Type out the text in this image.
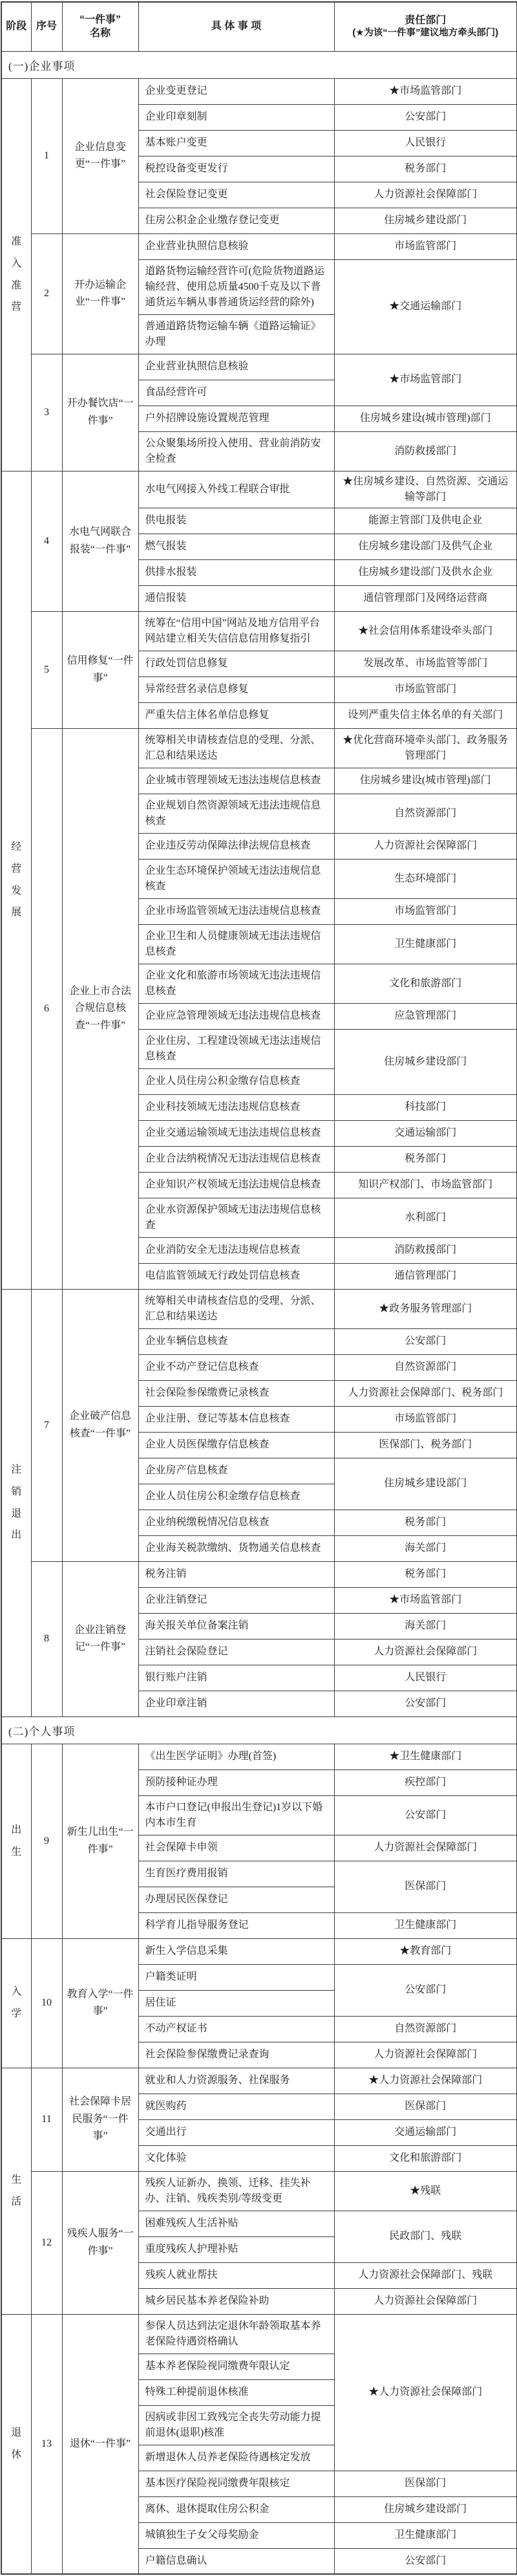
阶段	序号	“一件事”
名称	具 体 事 项	责任部门
(★为该“一件事”建议地方牵头部门)

(一)企业事项				

准入准营	1	企业信息变更“一件事”	企业变更登记	★市场监管部门
			企业印章刻制	公安部门
			基本账户变更	人民银行
			税控设备变更发行	税务部门
			社会保险登记变更	人力资源社会保障部门
			住房公积金企业缴存登记变更	住房城乡建设部门
	2	开办运输企业“一件事”	企业营业执照信息核验	市场监管部门
			道路货物运输经营许可(危险货物道路运输经营、使用总质量4500千克及以下普通货运车辆从事普通货运经营的除外)	★交通运输部门
			普通道路货物运输车辆《道路运输证》办理	
	3	开办餐饮店“一件事”	企业营业执照信息核验	★市场监管部门
			食品经营许可	
			户外招牌设施设置规范管理	住房城乡建设(城市管理)部门
			公众聚集场所投入使用、营业前消防安全检查	消防救援部门

经营发展	4	水电气网联合报装“一件事”	水电气网接入外线工程联合审批	★住房城乡建设、自然资源、交通运输等部门
			供电报装	能源主管部门及供电企业
			燃气报装	住房城乡建设部门及供气企业
			供排水报装	住房城乡建设部门及供水企业
			通信报装	通信管理部门及网络运营商
	5	信用修复“一件事”	统筹在“信用中国”网站及地方信用平台网站建立相关失信信息信用修复指引	★社会信用体系建设牵头部门
			行政处罚信息修复	发展改革、市场监管等部门
			异常经营名录信息修复	市场监管部门
			严重失信主体名单信息修复	设列严重失信主体名单的有关部门
	6	企业上市合法合规信息核查“一件事”	统筹相关申请核查信息的受理、分派、汇总和结果送达	★优化营商环境牵头部门、政务服务管理部门
			企业城市管理领域无违法违规信息核查	住房城乡建设(城市管理)部门
			企业规划自然资源领域无违法违规信息核查	自然资源部门
			企业违反劳动保障法律法规信息核查	人力资源社会保障部门
			企业生态环境保护领域无违法违规信息核查	生态环境部门
			企业市场监管领域无违法违规信息核查	市场监管部门
			企业卫生和人员健康领域无违法违规信息核查	卫生健康部门
			企业文化和旅游市场领域无违法违规信息核查	文化和旅游部门
			企业应急管理领域无违法违规信息核查	应急管理部门
			企业住房、工程建设领域无违法违规信息核查	住房城乡建设部门
			企业人员住房公积金缴存信息核查	
			企业科技领域无违法违规信息核查	科技部门
			企业交通运输领域无违法违规信息核查	交通运输部门
			企业合法纳税情况无违法违规信息核查	税务部门
			企业知识产权领域无违法违规信息核查	知识产权部门、市场监管部门
			企业水资源保护领域无违法违规信息核查	水利部门
			企业消防安全无违法违规信息核查	消防救援部门
			电信监管领域无行政处罚信息核查	通信管理部门

注销退出	7	企业破产信息核查“一件事”	统筹相关申请核查信息的受理、分派、汇总和结果送达	★政务服务管理部门
			企业车辆信息核查	公安部门
			企业不动产登记信息核查	自然资源部门
			社会保险参保缴费记录核查	人力资源社会保障部门、税务部门
			企业注册、登记等基本信息核查	市场监管部门
			企业人员医保缴存信息核查	医保部门、税务部门
			企业房产信息核查	住房城乡建设部门
			企业人员住房公积金缴存信息核查	
			企业纳税缴税情况信息核查	税务部门
			企业海关税款缴纳、货物通关信息核查	海关部门
	8	企业注销登记“一件事”	税务注销	税务部门
			企业注销登记	★市场监管部门
			海关报关单位备案注销	海关部门
			注销社会保险登记	人力资源社会保障部门
			银行账户注销	人民银行
			企业印章注销	公安部门
(二)个人事项				

出生	9	新生儿出生“一件事”	《出生医学证明》办理(首签)	★卫生健康部门
			预防接种证办理	疾控部门
			本市户口登记(申报出生登记)1岁以下婚内本市生育	公安部门
			社会保障卡申领	人力资源社会保障部门
			生育医疗费用报销	医保部门
			办理居民医保登记	
			科学育儿指导服务登记	卫生健康部门

入学	10	教育入学“一件事”	新生入学信息采集	★教育部门
			户籍类证明	公安部门
			居住证	
			不动产权证书	自然资源部门
			社会保险参保缴费记录查询	人力资源社会保障部门

生活	11	社会保障卡居民服务“一件事”	就业和人力资源服务、社保服务	★人力资源社会保障部门
			就医购药	医保部门
			交通出行	交通运输部门
			文化体验	文化和旅游部门
	12	残疾人服务“一件事”	残疾人证新办、换领、迁移、挂失补办、注销、残疾类别/等级变更	★残联
			困难残疾人生活补贴	民政部门、残联
			重度残疾人护理补贴	
			残疾人就业帮扶	人力资源社会保障部门、残联
			城乡居民基本养老保险补助	人力资源社会保障部门

退休	13	退休“一件事”	参保人员达到法定退休年龄领取基本养老保险待遇资格确认	★人力资源社会保障部门
			基本养老保险视同缴费年限认定	
			特殊工种提前退休核准	
			因病或非因工致残完全丧失劳动能力提前退休(退职)核准	
			新增退休人员养老保险待遇核定发放	
			基本医疗保险视同缴费年限核定	医保部门
			离休、退休提取住房公积金	住房城乡建设部门
			城镇独生子女父母奖励金	卫生健康部门
			户籍信息确认	公安部门
